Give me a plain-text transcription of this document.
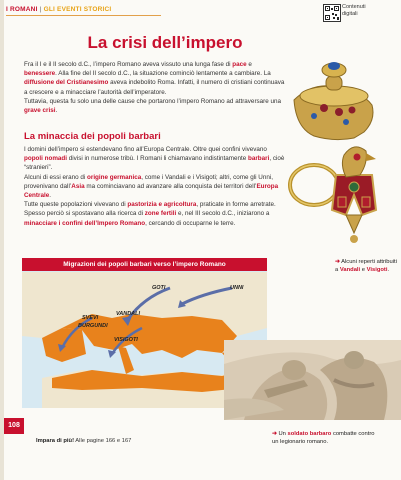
I ROMANI | GLI EVENTI STORICI	Contenuti
digitali
La crisi dell’impero

Fra il I e il II secolo d.C., l’impero Romano aveva vissuto una lunga fase di pace e benessere. Alla fine del II secolo d.C., la situazione cominciò lentamente a cambiare. La diffusione del Cristianesimo aveva indebolito Roma. Infatti, il numero di cristiani continuava a crescere e a minacciare l’autorità dell’imperatore.

Tuttavia, questa fu solo una delle cause che portarono l’impero Romano ad attraversare una grave crisi.

La minaccia dei popoli barbari

I domini dell’impero si estendevano fino all’Europa Centrale. Oltre quei confini vivevano popoli nomadi divisi in numerose tribù. I Romani li chiamavano indistintamente barbari, cioè “stranieri”.

Alcuni di essi erano di origine germanica, come i Vandali e i Visigoti; altri, come gli Unni, provenivano dall’Asia ma cominciavano ad avanzare alla conquista dei territori dell’Europa Centrale.

Tutte queste popolazioni vivevano di pastorizia e agricoltura, praticate in forme arretrate. Spesso perciò si spostavano alla ricerca di zone fertili e, nel III secolo d.C., iniziarono a minacciare i confini dell’Impero Romano, cercando di occuparne le terre.

➜ Alcuni reperti attribuiti a Vandali e Visigoti.
GOTI	UNNI
SVEVI
BURGUNDI
VANDALI
VISIGOTI
Migrazioni dei popoli barbari verso l’impero Romano
➜ Un soldato barbaro combatte contro un legionario romano.
108
Impara di più! Alle pagine 166 e 167
